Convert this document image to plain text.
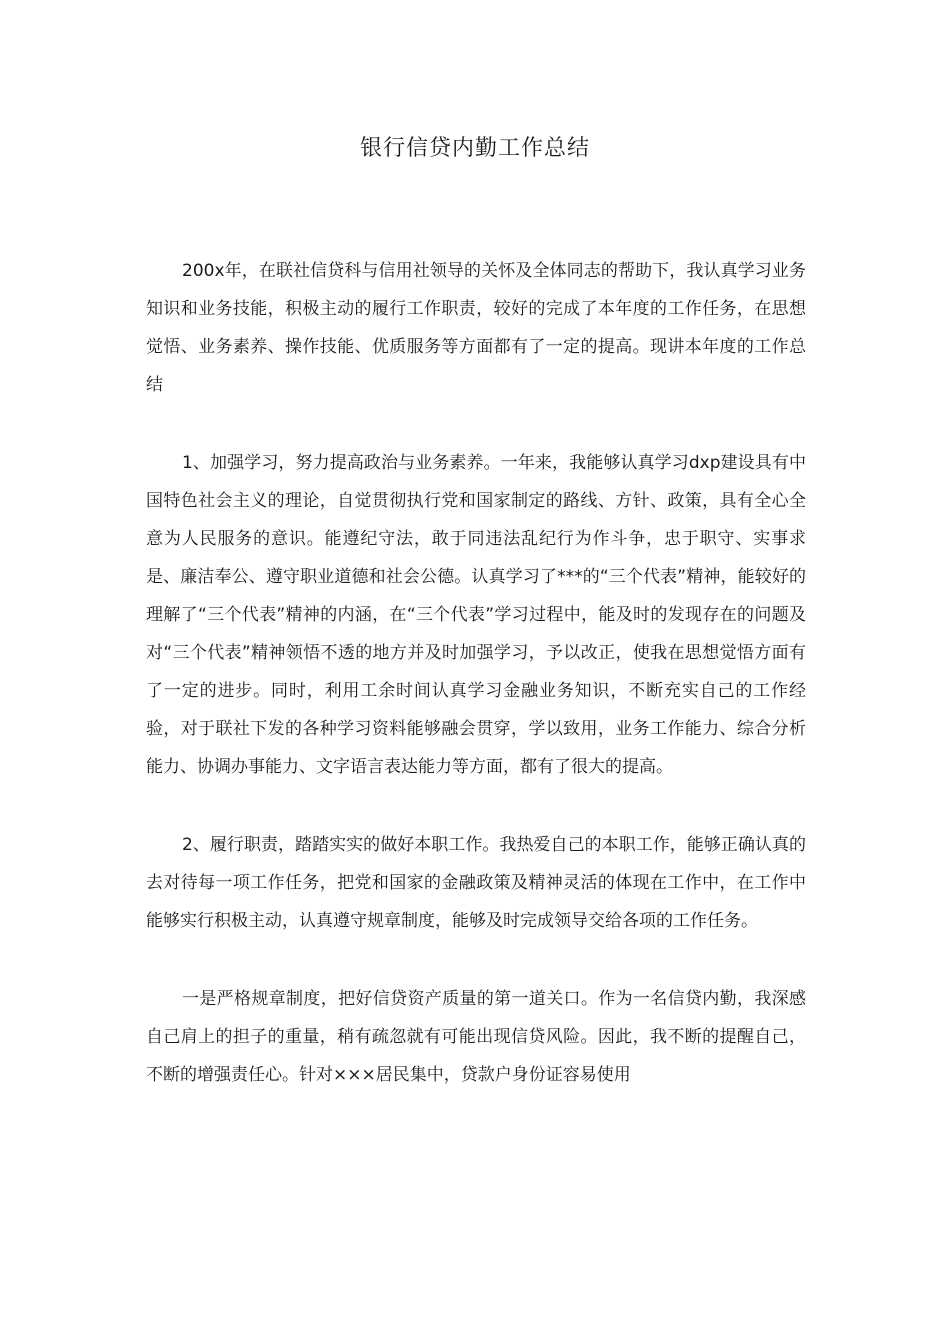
银行信贷内勤工作总结

200x年，在联社信贷科与信用社领导的关怀及全体同志的帮助下，我认真学习业务知识和业务技能，积极主动的履行工作职责，较好的完成了本年度的工作任务，在思想觉悟、业务素养、操作技能、优质服务等方面都有了一定的提高。现讲本年度的工作总结

1、加强学习，努力提高政治与业务素养。一年来，我能够认真学习dxp建设具有中国特色社会主义的理论，自觉贯彻执行党和国家制定的路线、方针、政策，具有全心全意为人民服务的意识。能遵纪守法，敢于同违法乱纪行为作斗争，忠于职守、实事求是、廉洁奉公、遵守职业道德和社会公德。认真学习了***的“三个代表”精神，能较好的理解了“三个代表”精神的内涵，在“三个代表”学习过程中，能及时的发现存在的问题及对“三个代表”精神领悟不透的地方并及时加强学习，予以改正，使我在思想觉悟方面有了一定的进步。同时，利用工余时间认真学习金融业务知识，不断充实自己的工作经验，对于联社下发的各种学习资料能够融会贯穿，学以致用，业务工作能力、综合分析能力、协调办事能力、文字语言表达能力等方面，都有了很大的提高。

2、履行职责，踏踏实实的做好本职工作。我热爱自己的本职工作，能够正确认真的去对待每一项工作任务，把党和国家的金融政策及精神灵活的体现在工作中，在工作中能够实行积极主动，认真遵守规章制度，能够及时完成领导交给各项的工作任务。

一是严格规章制度，把好信贷资产质量的第一道关口。作为一名信贷内勤，我深感自己肩上的担子的重量，稍有疏忽就有可能出现信贷风险。因此，我不断的提醒自己，不断的增强责任心。针对×××居民集中，贷款户身份证容易使用
